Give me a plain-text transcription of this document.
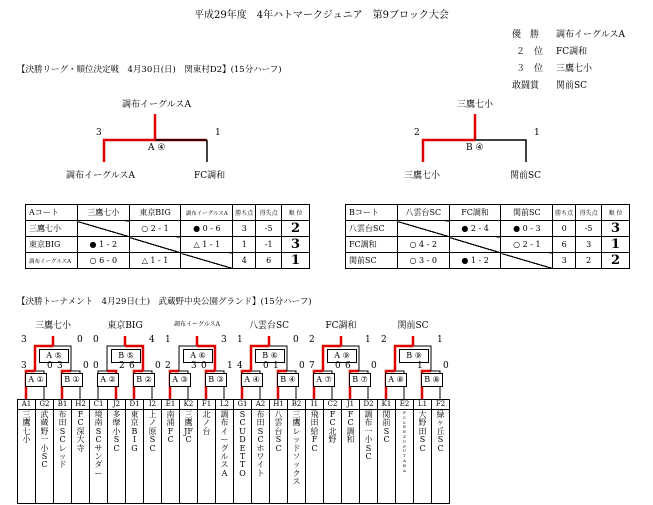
平成29年度　4年ハトマークジュニア　第9ブロック大会
優　勝 調布イーグルスA
２　位 FC調和
３　位 三鷹七小
敢闘賞 関前SC
【決勝リーグ・順位決定戦　4月30日(日)　関東村D2】(15分ハーフ)
調布イーグルスA
3	1
A ④
調布イーグルスA	FC調和
三鷹七小
2	1
B ④
三鷹七小	関前SC
Aコート	三鷹七小	東京BIG	調布イーグルスA	勝ち点	得失点	順 位
三鷹七小		○ 2 - 1	● 0 - 6	3	-5	2
東京BIG	● 1 - 2		△ 1 - 1	1	-1	3
調布イーグルスA	○ 6 - 0	△ 1 - 1		4	6	1
Bコート	八雲台SC	FC調和	関前SC	勝ち点	得失点	順 位
八雲台SC		● 2 - 4	● 0 - 3	0	-5	3
FC調和	○ 4 - 2		○ 2 - 1	6	3	1
関前SC	○ 3 - 0	● 1 - 2		3	2	2
【決勝トーナメント　4月29日(土)　武蔵野中央公園グランド】(15分ハーフ)
三鷹七小
3	0
A ⑤
3 0 3 0
A ①	B ①
東京BIG
0	4
B ⑤
0 2 6 0
A ②	B ②
調布イーグルスA
1	3
A ⑥
2 3 0 1
A ③	B ③
八雲台SC
1	0
B ⑥
4 0 1 0
A ④	B ④
FC調和
2	1
A ⑨
7 0 6 0
A ⑦	B ⑦
関前SC
2	1
B ⑨
1 0
A ⑧	B ⑧
A1	G2	B1	H2	C1	J2	D1	I2	E1	K2	F1	L2	G1	A2	H1	B2	I1	C2	J1	D2	K1	E2	L1	F2
三鷹七小	武蔵野一小SC	布田SCレッド	FC深大寺	境南SCサンダー	多摩小SC	東京BIG	上ノ原SC	南浦FC	三鷹JFC	北ノ台	調布イーグルスA	SCUDETTO	布田SCホワイト	八雲台SC	三鷹レッドソックス	飛田給FC	FC北野	FC調和	調布一小SC	関前SC	FC LEEZU FUTABA	大野田SC	緑ヶ丘SC
